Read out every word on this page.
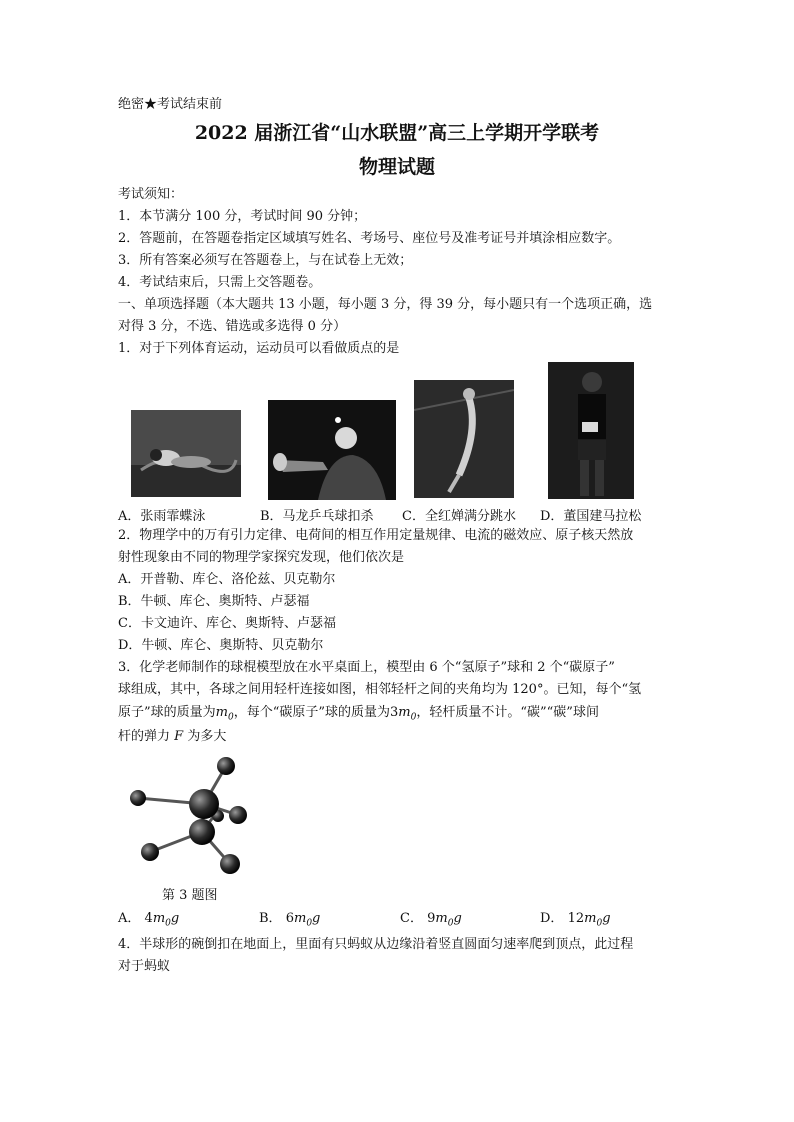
绝密★考试结束前
2022 届浙江省“山水联盟”高三上学期开学联考
物理试题
考试须知：
1．本节满分 100 分，考试时间 90 分钟；
2．答题前，在答题卷指定区域填写姓名、考场号、座位号及准考证号并填涂相应数字。
3．所有答案必须写在答题卷上，与在试卷上无效；
4．考试结束后，只需上交答题卷。
一、单项选择题（本大题共 13 小题，每小题 3 分，得 39 分，每小题只有一个选项正确，选
对得 3 分，不选、错选或多选得 0 分）
1．对于下列体育运动，运动员可以看做质点的是
A．张雨霏蝶泳	B．马龙乒乓球扣杀 C．全红婵满分跳水 D．董国建马拉松
2．物理学中的万有引力定律、电荷间的相互作用定量规律、电流的磁效应、原子核天然放
射性现象由不同的物理学家探究发现，他们依次是
A．开普勒、库仑、洛伦兹、贝克勒尔
B．牛顿、库仑、奥斯特、卢瑟福
C．卡文迪许、库仑、奥斯特、卢瑟福
D．牛顿、库仑、奥斯特、贝克勒尔
3．化学老师制作的球棍模型放在水平桌面上，模型由 6 个“氢原子”球和 2 个“碳原子”
球组成，其中，各球之间用轻杆连接如图，相邻轻杆之间的夹角均为 120°。已知，每个“氢
原子”球的质量为$m_0$，每个“碳原子”球的质量为$3m_0$，轻杆质量不计。“碳”“碳”球间
杆的弹力 F 为多大
第 3 题图
A． $4m_0g$	B． $6m_0g$	C． $9m_0g$	D． $12m_0g$
4．半球形的碗倒扣在地面上，里面有只蚂蚁从边缘沿着竖直圆面匀速率爬到顶点，此过程
对于蚂蚁
